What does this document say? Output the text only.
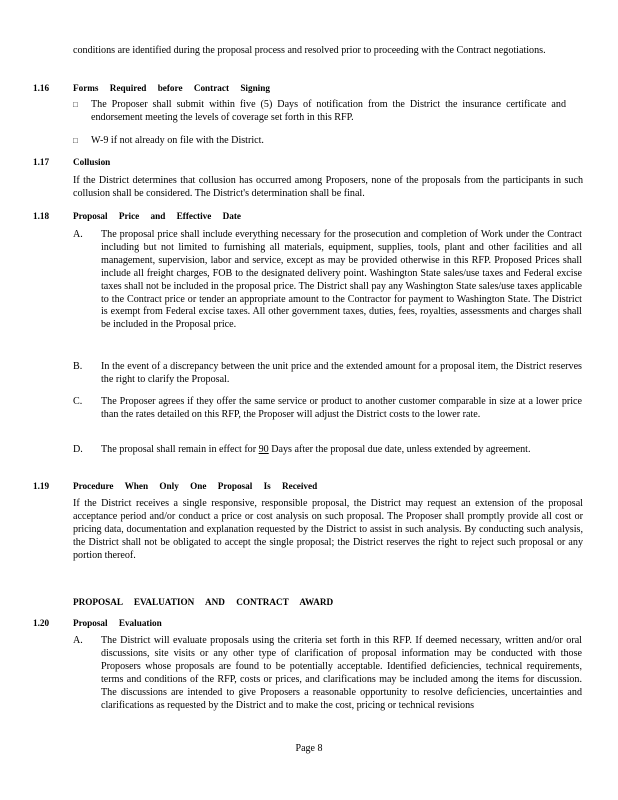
conditions are identified during the proposal process and resolved prior to proceeding with the Contract negotiations.
1.16	Forms Required before Contract Signing
□ The Proposer shall submit within five (5) Days of notification from the District the insurance certificate and endorsement meeting the levels of coverage set forth in this RFP.
□ W-9 if not already on file with the District.
1.17	Collusion
If the District determines that collusion has occurred among Proposers, none of the proposals from the participants in such collusion shall be considered. The District's determination shall be final.
1.18	Proposal Price and Effective Date
A. The proposal price shall include everything necessary for the prosecution and completion of Work under the Contract including but not limited to furnishing all materials, equipment, supplies, tools, plant and other facilities and all management, supervision, labor and service, except as may be provided otherwise in this RFP. Proposed Prices shall include all freight charges, FOB to the designated delivery point. Washington State sales/use taxes and Federal excise taxes shall not be included in the proposal price. The District shall pay any Washington State sales/use taxes applicable to the Contract price or tender an appropriate amount to the Contractor for payment to Washington State. The District is exempt from Federal excise taxes. All other government taxes, duties, fees, royalties, assessments and charges shall be included in the Proposal price.
B. In the event of a discrepancy between the unit price and the extended amount for a proposal item, the District reserves the right to clarify the Proposal.
C. The Proposer agrees if they offer the same service or product to another customer comparable in size at a lower price than the rates detailed on this RFP, the Proposer will adjust the District costs to the lower rate.
D. The proposal shall remain in effect for 90 Days after the proposal due date, unless extended by agreement.
1.19	Procedure When Only One Proposal Is Received
If the District receives a single responsive, responsible proposal, the District may request an extension of the proposal acceptance period and/or conduct a price or cost analysis on such proposal. The Proposer shall promptly provide all cost or pricing data, documentation and explanation requested by the District to assist in such analysis. By conducting such analysis, the District shall not be obligated to accept the single proposal; the District reserves the right to reject such proposal or any portion thereof.
PROPOSAL EVALUATION AND CONTRACT AWARD
1.20	Proposal Evaluation
A. The District will evaluate proposals using the criteria set forth in this RFP. If deemed necessary, written and/or oral discussions, site visits or any other type of clarification of proposal information may be conducted with those Proposers whose proposals are found to be potentially acceptable. Identified deficiencies, technical requirements, terms and conditions of the RFP, costs or prices, and clarifications may be included among the items for discussion. The discussions are intended to give Proposers a reasonable opportunity to resolve deficiencies, uncertainties and clarifications as requested by the District and to make the cost, pricing or technical revisions
Page 8
